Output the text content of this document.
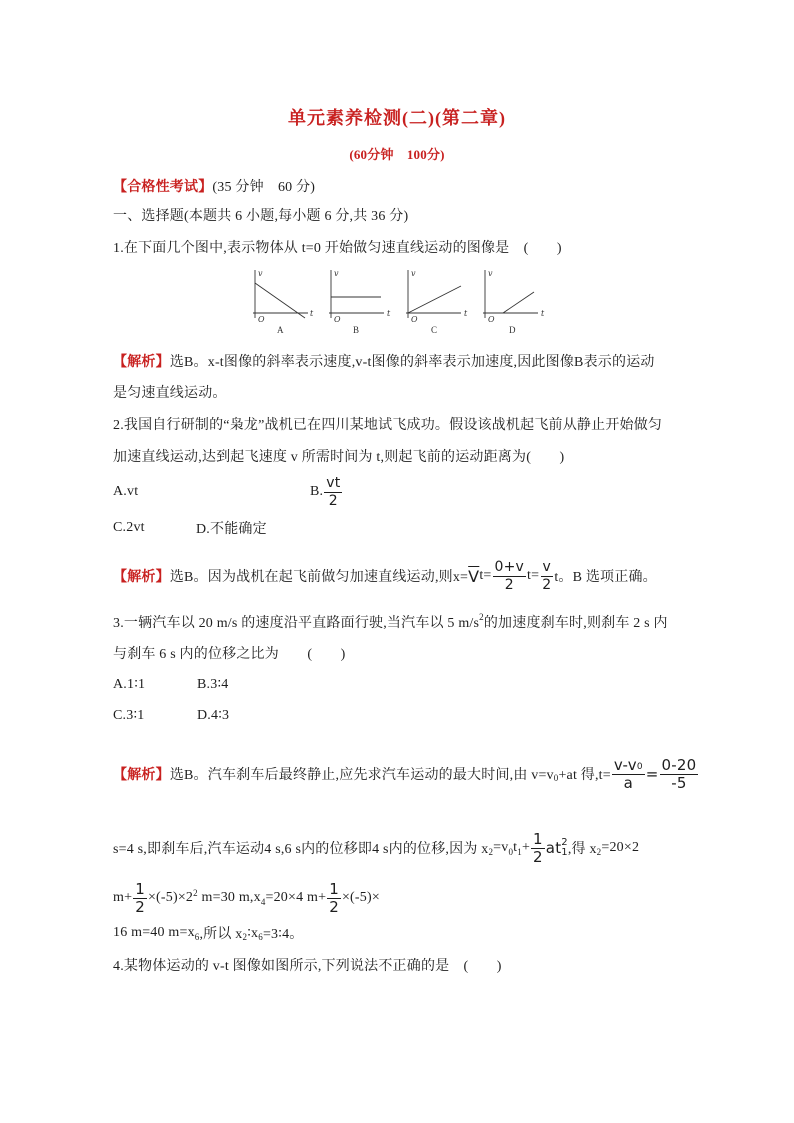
单元素养检测(二)(第二章)
(60分钟　100分)
【合格性考试】 (35 分钟　60 分)
一、选择题(本题共 6 小题,每小题 6 分,共 36 分)
1.在下面几个图中,表示物体从 t=0 开始做匀速直线运动的图像是　(　　)
v
O
t
A
v
O
t
B
v
O
t
C
v
O
t
D
【解析】 选B。x-t图像的斜率表示速度,v-t图像的斜率表示加速度,因此图像B表示的运动
是匀速直线运动。
2.我国自行研制的“枭龙”战机已在四川某地试飞成功。假设该战机起飞前从静止开始做匀
加速直线运动,达到起飞速度 v 所需时间为 t,则起飞前的运动距离为(　　)
A.vt	B. $\frac{vt}{2}$
C.2vt	D.不能确定
【解析】 选B。因为战机在起飞前做匀加速直线运动,则$x= \overline{V}$ $t= \frac{0+v}{2} t= \frac{v}{2}$ t。B 选项正确。
3.一辆汽车以 20 m/s 的速度沿平直路面行驶,当汽车以 5 m/s 2 的加速度刹车时,则刹车 2 s 内
与刹车 6 s 内的位移之比为　　(　　)
A.1∶1	B.3∶4
C.3∶1	D.4∶3
【解析】 选B。汽车刹车后最终静止,应先求汽车运动的最大时间,由 v=v 0 +at 得$,t= \frac{v-v 0}{a} = \frac{0-20}{-5}$
s=4 s,即刹车后,汽车运动4 s,6 s内的位移即4 s内的位移,因为 x 2 =v 0 t $1 + \frac{1}{2}$ at 2
1 ,得 x 2 =20×2
$m+ \frac{1}{2} \times(-5)\times 2$ 2 m=30 m,x 4 =20×4 $m+ \frac{1}{2} \times(-5)\times$
16 m=40 m=x 6 ,所以 x 2 ∶x 6 =3∶4。
4.某物体运动的 v-t 图像如图所示,下列说法不正确的是　(　　)
